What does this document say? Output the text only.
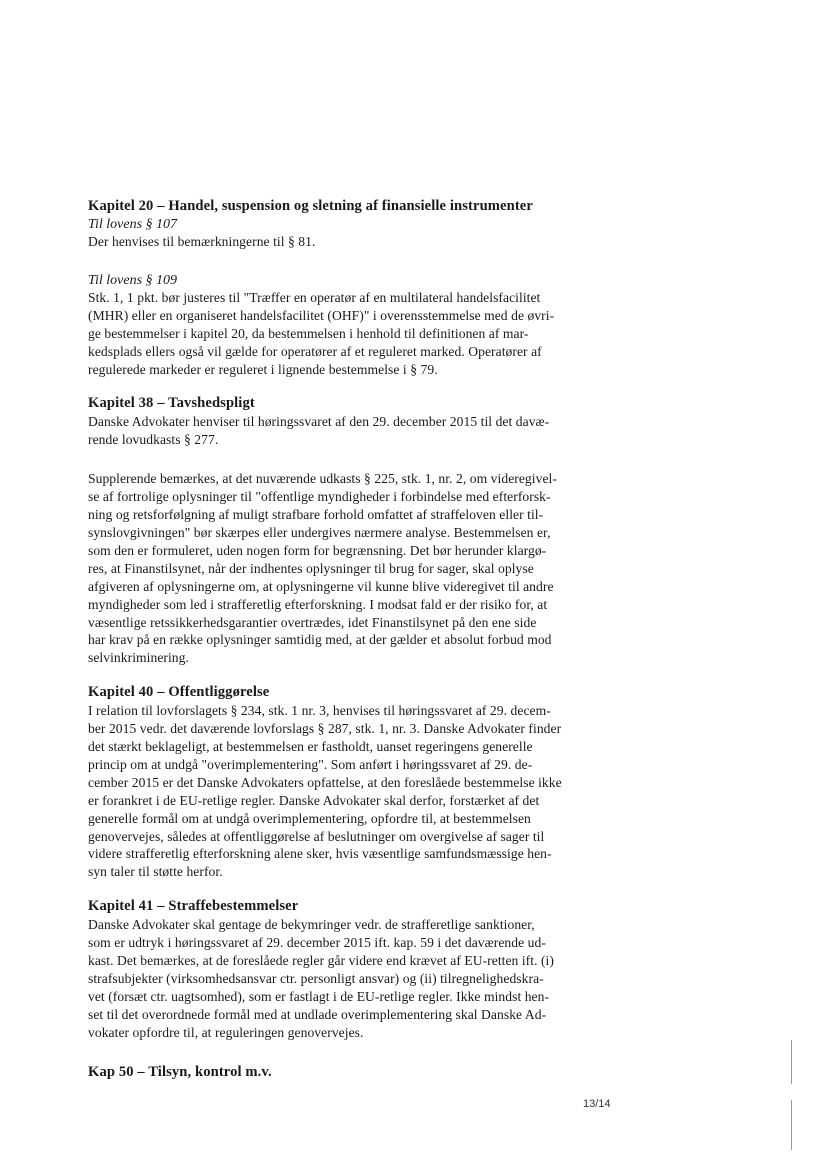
Kapitel 20 – Handel, suspension og sletning af finansielle instrumenter

Til lovens § 107

Der henvises til bemærkningerne til § 81.

Til lovens § 109

Stk. 1, 1 pkt. bør justeres til "Træffer en operatør af en multilateral handelsfacilitet
(MHR) eller en organiseret handelsfacilitet (OHF)" i overensstemmelse med de øvri-
ge bestemmelser i kapitel 20, da bestemmelsen i henhold til definitionen af mar-
kedsplads ellers også vil gælde for operatører af et reguleret marked. Operatører af
regulerede markeder er reguleret i lignende bestemmelse i § 79.

Kapitel 38 – Tavshedspligt

Danske Advokater henviser til høringssvaret af den 29. december 2015 til det davæ-
rende lovudkasts § 277.
Supplerende bemærkes, at det nuværende udkasts § 225, stk. 1, nr. 2, om videregivel-
se af fortrolige oplysninger til "offentlige myndigheder i forbindelse med efterforsk-
ning og retsforfølgning af muligt strafbare forhold omfattet af straffeloven eller til-
synslovgivningen" bør skærpes eller undergives nærmere analyse. Bestemmelsen er,
som den er formuleret, uden nogen form for begrænsning. Det bør herunder klargø-
res, at Finanstilsynet, når der indhentes oplysninger til brug for sager, skal oplyse
afgiveren af oplysningerne om, at oplysningerne vil kunne blive videregivet til andre
myndigheder som led i strafferetlig efterforskning. I modsat fald er der risiko for, at
væsentlige retssikkerhedsgarantier overtrædes, idet Finanstilsynet på den ene side
har krav på en række oplysninger samtidig med, at der gælder et absolut forbud mod
selvinkriminering.

Kapitel 40 – Offentliggørelse

I relation til lovforslagets § 234, stk. 1 nr. 3, henvises til høringssvaret af 29. decem-
ber 2015 vedr. det daværende lovforslags § 287, stk. 1, nr. 3. Danske Advokater finder
det stærkt beklageligt, at bestemmelsen er fastholdt, uanset regeringens generelle
princip om at undgå "overimplementering". Som anført i høringssvaret af 29. de-
cember 2015 er det Danske Advokaters opfattelse, at den foreslåede bestemmelse ikke
er forankret i de EU-retlige regler. Danske Advokater skal derfor, forstærket af det
generelle formål om at undgå overimplementering, opfordre til, at bestemmelsen
genovervejes, således at offentliggørelse af beslutninger om overgivelse af sager til
videre strafferetlig efterforskning alene sker, hvis væsentlige samfundsmæssige hen-
syn taler til støtte herfor.

Kapitel 41 – Straffebestemmelser

Danske Advokater skal gentage de bekymringer vedr. de strafferetlige sanktioner,
som er udtryk i høringssvaret af 29. december 2015 ift. kap. 59 i det daværende ud-
kast. Det bemærkes, at de foreslåede regler går videre end krævet af EU-retten ift. (i)
strafsubjekter (virksomhedsansvar ctr. personligt ansvar) og (ii) tilregnelighedskra-
vet (forsæt ctr. uagtsomhed), som er fastlagt i de EU-retlige regler. Ikke mindst hen-
set til det overordnede formål med at undlade overimplementering skal Danske Ad-
vokater opfordre til, at reguleringen genovervejes.

Kap 50 – Tilsyn, kontrol m.v.

13/14
